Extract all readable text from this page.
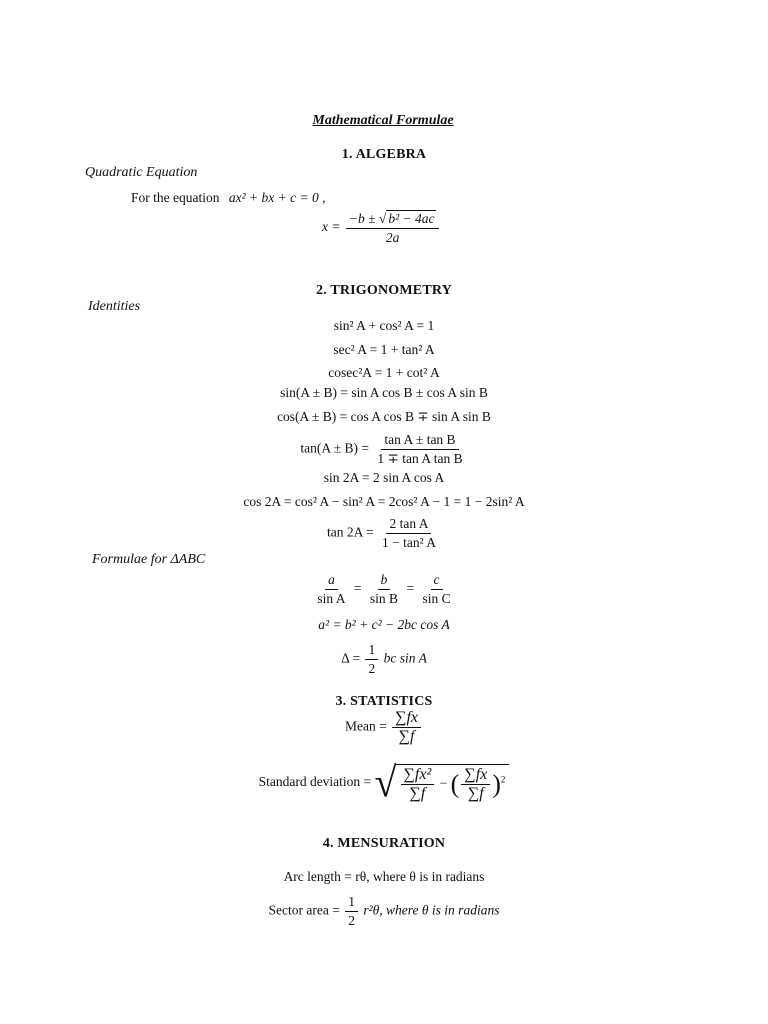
Mathematical Formulae
1. ALGEBRA
Quadratic Equation
For the equation ax² + bx + c = 0 ,
$x = \frac{\text{−b ± √ b² − 4ac}}{2a}$
2. TRIGONOMETRY
Identities
sin² A + cos² A = 1
sec² A = 1 + tan² A
cosec²A = 1 + cot² A
sin(A ± B) = sin A cos B ± cos A sin B
cos(A ± B) = cos A cos B ∓ sin A sin B
$\tan(A \pm B) = \frac{\text{tan A ± tan B}}{\text{1 ∓ tan A tan B}}$
sin 2A = 2 sin A cos A
cos 2A = cos² A − sin² A = 2cos² A − 1 = 1 − 2sin² A
$\tan 2A = \frac{\text{2 tan A}}{\text{1 − tan² A}}$
Formulae for ΔABC
$\frac{a}{\text{sin A}} = \frac{b}{\text{sin B}} = \frac{c}{\text{sin C}}$
a² = b² + c² − 2bc cos A
$\Delta = \frac{1}{2}$ bc sin A
3. STATISTICS
Mean = $\frac{\sum fx}{\sum f}$
Standard deviation = √ $\frac{\text{∑fx²}}{\sum f}$ − ( $\frac{\sum fx}{\sum f} )^2$
4. MENSURATION
Arc length = rθ, where θ is in radians
Sector area = $\frac{1}{2} r^2\theta$, where θ is in radians
